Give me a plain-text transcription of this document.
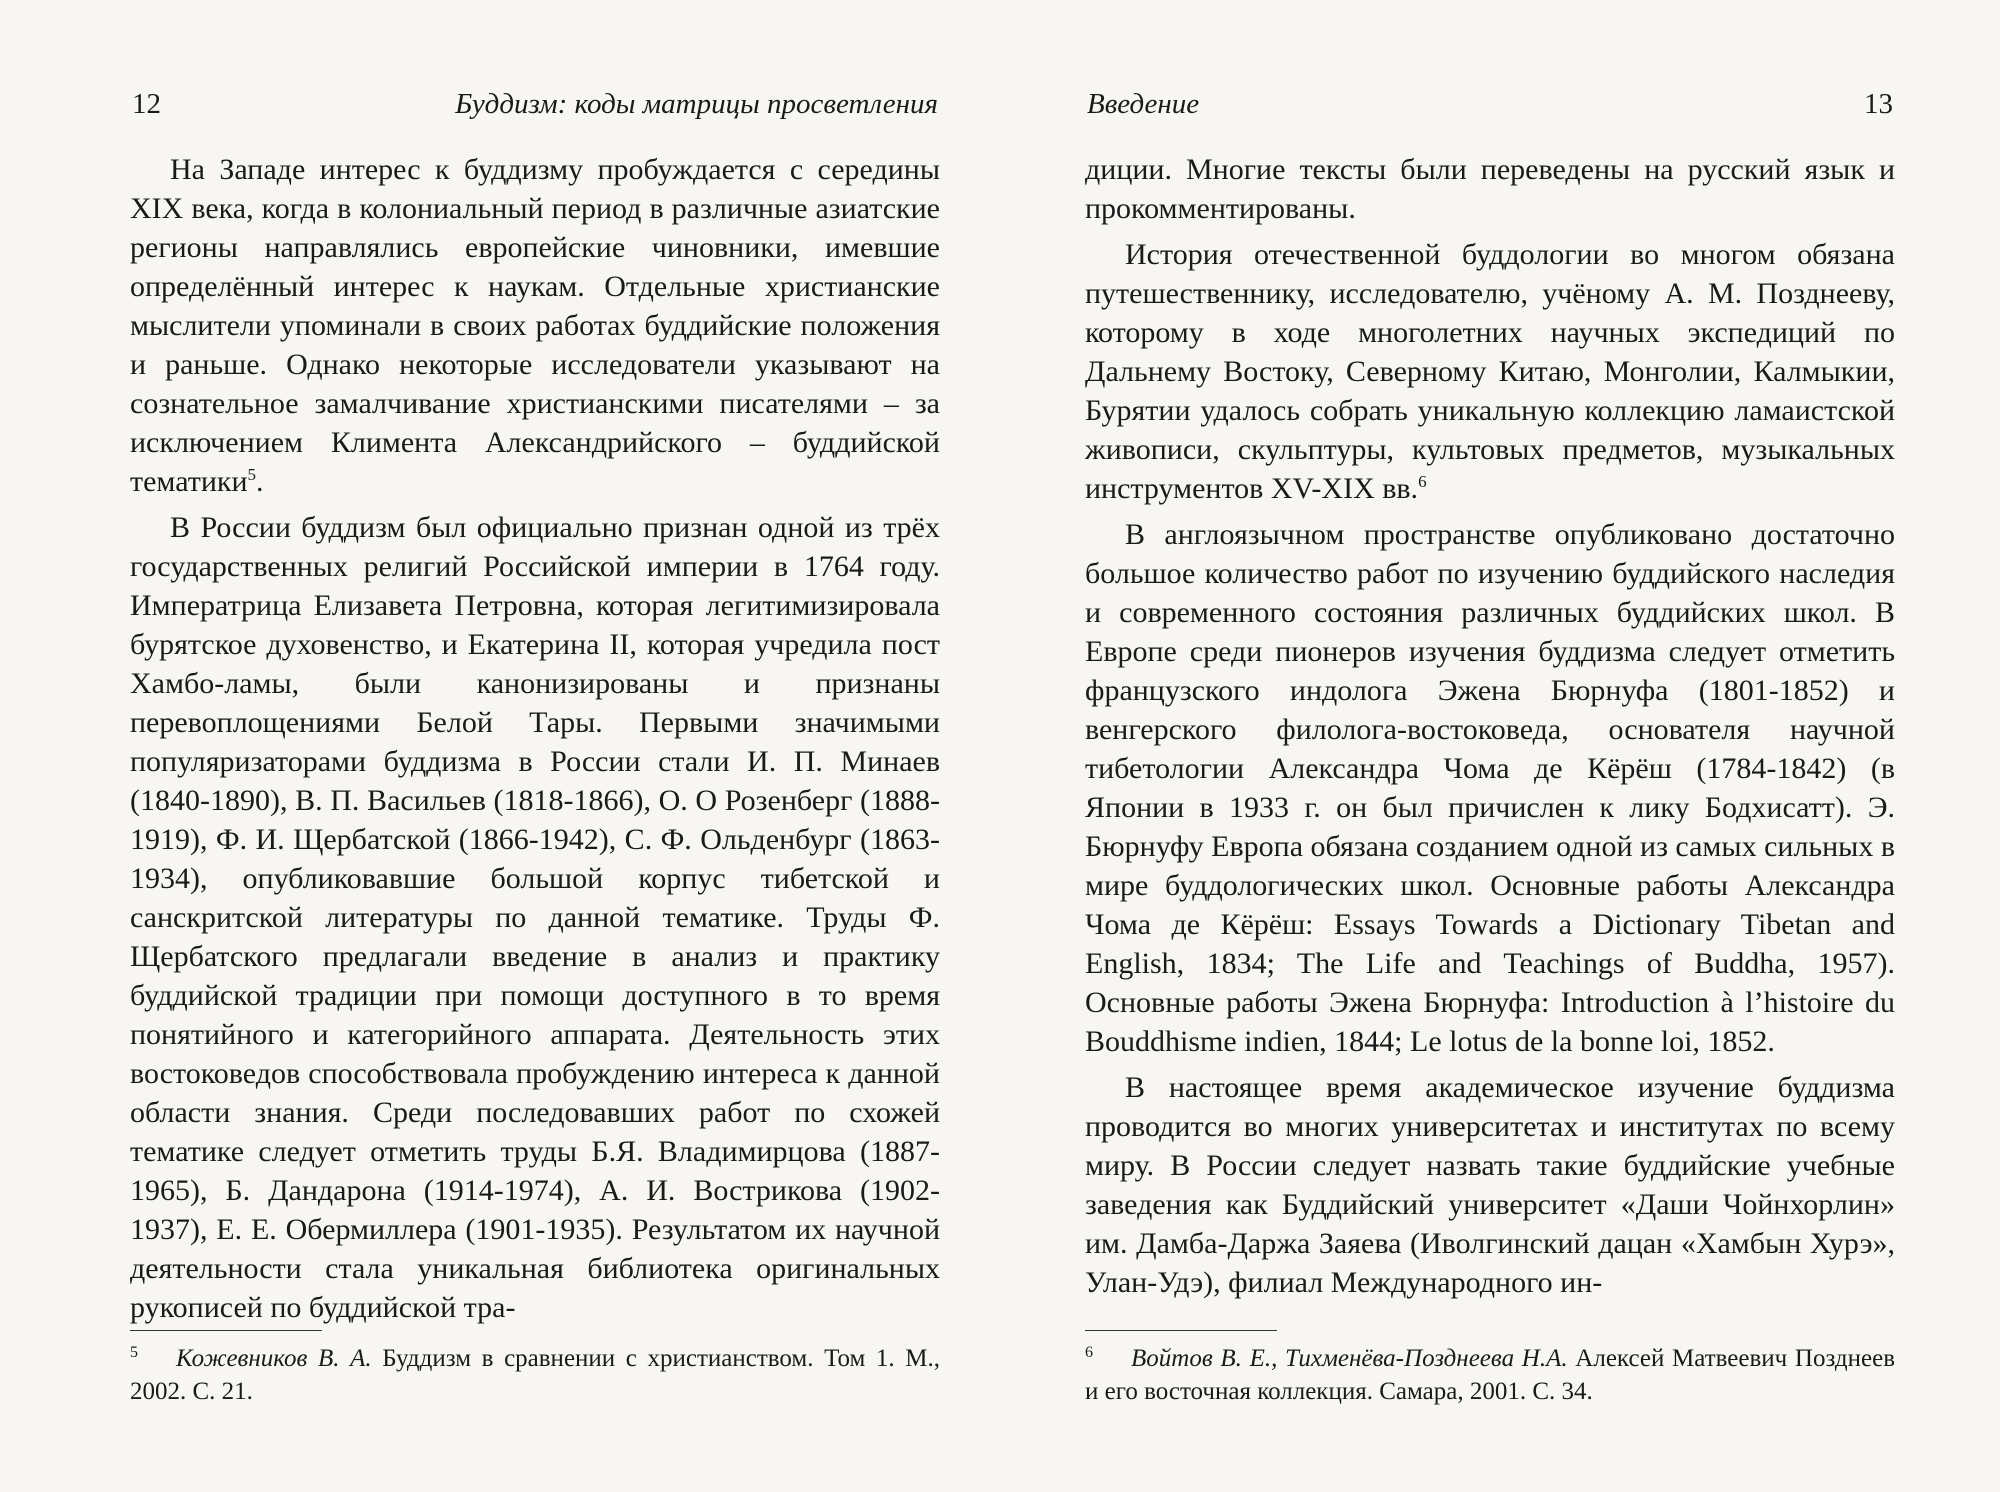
12	Буддизм: коды матрицы просветления

На Западе интерес к буддизму пробуждается с середины XIX века, когда в колониальный период в различные азиатские регионы направлялись европейские чиновники, имевшие определённый интерес к наукам. Отдельные христианские мыслители упоминали в своих работах буддийские положения и раньше. Однако некоторые исследователи указывают на сознательное замалчивание христианскими писателями – за исключением Климента Александрийского – буддийской тематики$^5$.

В России буддизм был официально признан одной из трёх государственных религий Российской империи в 1764 году. Императрица Елизавета Петровна, которая легитимизировала бурятское духовенство, и Екатерина II, которая учредила пост Хамбо-ламы, были канонизированы и признаны перевоплощениями Белой Тары. Первыми значимыми популяризаторами буддизма в России стали И. П. Минаев (1840-1890), В. П. Васильев (1818-1866), О. О Розенберг (1888-1919), Ф. И. Щербатской (1866-1942), С. Ф. Ольденбург (1863-1934), опубликовавшие большой корпус тибетской и санскритской литературы по данной тематике. Труды Ф. Щербатского предлагали введение в анализ и практику буддийской традиции при помощи доступного в то время понятийного и категорийного аппарата. Деятельность этих востоковедов способствовала пробуждению интереса к данной области знания. Среди последовавших работ по схожей тематике следует отметить труды Б.Я. Владимирцова (1887-1965), Б. Дандарона (1914-1974), А. И. Вострикова (1902-1937), Е. Е. Обермиллера (1901-1935). Результатом их научной деятельности стала уникальная библиотека оригинальных рукописей по буддийской тра-

5 Кожевников В. А. Буддизм в сравнении с христианством. Том 1. М., 2002. С. 21.
Введение	13

диции. Многие тексты были переведены на русский язык и прокомментированы.

История отечественной буддологии во многом обязана путешественнику, исследователю, учёному А. М. Позднееву, которому в ходе многолетних научных экспедиций по Дальнему Востоку, Северному Китаю, Монголии, Калмыкии, Бурятии удалось собрать уникальную коллекцию ламаистской живописи, скульптуры, культовых предметов, музыкальных инструментов XV-XIX вв.$^6$

В англоязычном пространстве опубликовано достаточно большое количество работ по изучению буддийского наследия и современного состояния различных буддийских школ. В Европе среди пионеров изучения буддизма следует отметить французского индолога Эжена Бюрнуфа (1801-1852) и венгерского филолога-востоковеда, основателя научной тибетологии Александра Чома де Кёрёш (1784-1842) (в Японии в 1933 г. он был причислен к лику Бодхисатт). Э. Бюрнуфу Европа обязана созданием одной из самых сильных в мире буддологических школ. Основные работы Александра Чома де Кёрёш: Essays Towards a Dictionary Tibetan and English, 1834; The Life and Teachings of Buddha, 1957). Основные работы Эжена Бюрнуфа: Introduction à l’histoire du Bouddhisme indien, 1844; Le lotus de la bonne loi, 1852.

В настоящее время академическое изучение буддизма проводится во многих университетах и институтах по всему миру. В России следует назвать такие буддийские учебные заведения как Буддийский университет «Даши Чойнхорлин» им. Дамба-Даржа Заяева (Иволгинский дацан «Хамбын Хурэ», Улан-Удэ), филиал Международного ин-

6 Войтов В. Е., Тихменёва-Позднеева Н.А. Алексей Матвеевич Позднеев и его восточная коллекция. Самара, 2001. С. 34.
